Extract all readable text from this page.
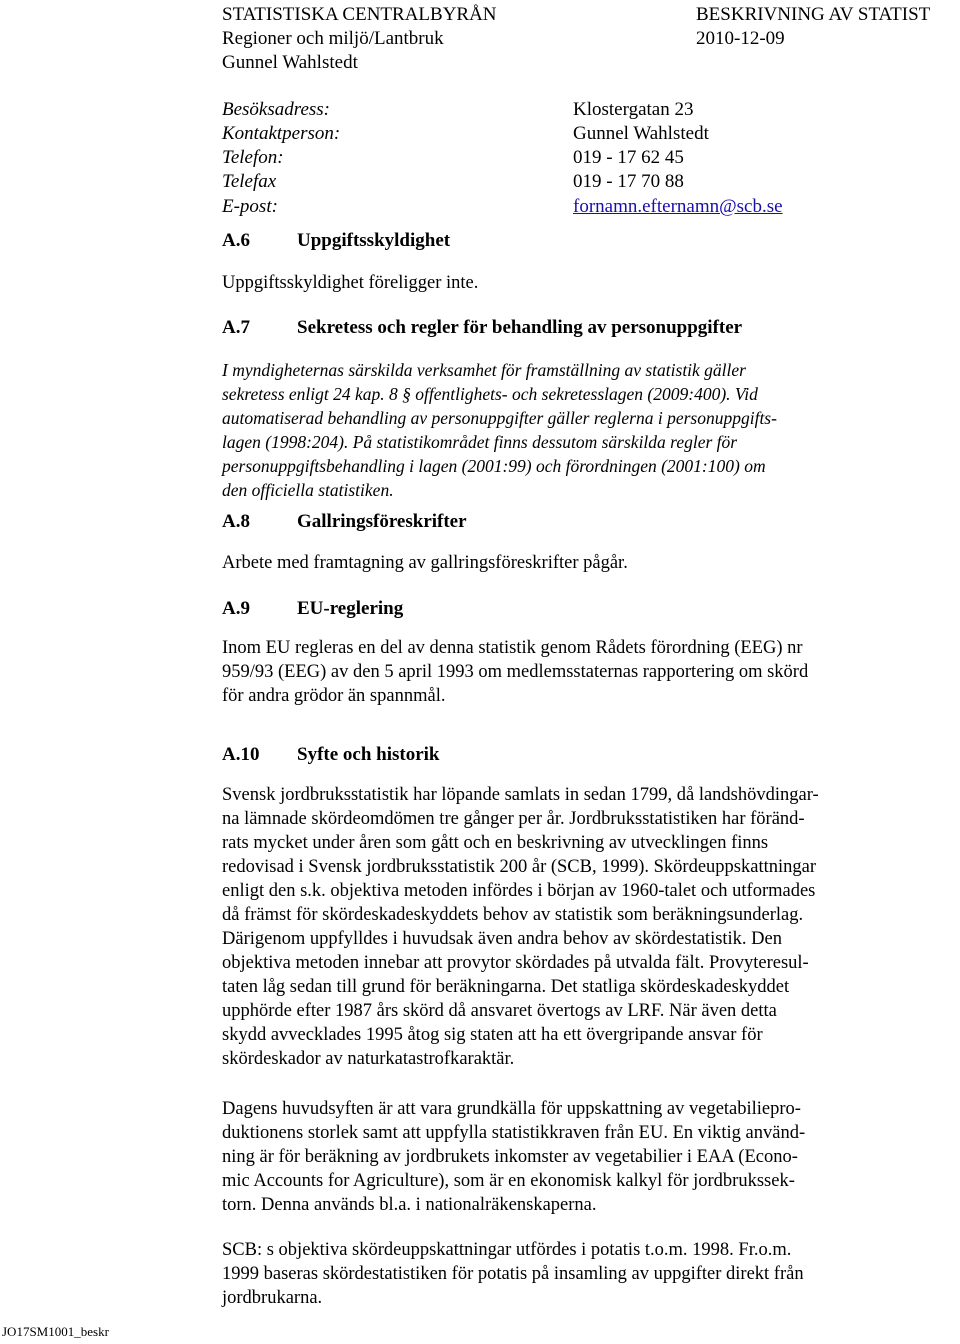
STATISTISKA CENTRALBYRÅN	BESKRIVNING AV STATIST
Regioner och miljö/Lantbruk	2010-12-09
Gunnel Wahlstedt
Besöksadress:	Klostergatan 23
Kontaktperson:	Gunnel Wahlstedt
Telefon:	019 - 17 62 45
Telefax	019 - 17 70 88
E-post:	fornamn.efternamn@scb.se
A.6 Uppgiftsskyldighet
Uppgiftsskyldighet föreligger inte.
A.7 Sekretess och regler för behandling av personuppgifter
I myndigheternas särskilda verksamhet för framställning av statistik gäller
sekretess enligt 24 kap. 8 § offentlighets- och sekretesslagen (2009:400). Vid
automatiserad behandling av personuppgifter gäller reglerna i personuppgifts-
lagen (1998:204). På statistikområdet finns dessutom särskilda regler för
personuppgiftsbehandling i lagen (2001:99) och förordningen (2001:100) om
den officiella statistiken.
A.8 Gallringsföreskrifter
Arbete med framtagning av gallringsföreskrifter pågår.
A.9 EU-reglering
Inom EU regleras en del av denna statistik genom Rådets förordning (EEG) nr
959/93 (EEG) av den 5 april 1993 om medlemsstaternas rapportering om skörd
för andra grödor än spannmål.
A.10 Syfte och historik
Svensk jordbruksstatistik har löpande samlats in sedan 1799, då landshövdingar-
na lämnade skördeomdömen tre gånger per år. Jordbruksstatistiken har föränd-
rats mycket under åren som gått och en beskrivning av utvecklingen finns
redovisad i Svensk jordbruksstatistik 200 år (SCB, 1999). Skördeuppskattningar
enligt den s.k. objektiva metoden infördes i början av 1960-talet och utformades
då främst för skördeskadeskyddets behov av statistik som beräkningsunderlag.
Därigenom uppfylldes i huvudsak även andra behov av skördestatistik. Den
objektiva metoden innebar att provytor skördades på utvalda fält. Provyteresul-
taten låg sedan till grund för beräkningarna. Det statliga skördeskadeskyddet
upphörde efter 1987 års skörd då ansvaret övertogs av LRF. När även detta
skydd avvecklades 1995 åtog sig staten att ha ett övergripande ansvar för
skördeskador av naturkatastrofkaraktär.
Dagens huvudsyften är att vara grundkälla för uppskattning av vegetabiliepro-
duktionens storlek samt att uppfylla statistikkraven från EU. En viktig använd-
ning är för beräkning av jordbrukets inkomster av vegetabilier i EAA (Econo-
mic Accounts for Agriculture), som är en ekonomisk kalkyl för jordbrukssek-
torn. Denna används bl.a. i nationalräkenskaperna.
SCB: s objektiva skördeuppskattningar utfördes i potatis t.o.m. 1998. Fr.o.m.
1999 baseras skördestatistiken för potatis på insamling av uppgifter direkt från
jordbrukarna.
JO17SM1001_beskr
